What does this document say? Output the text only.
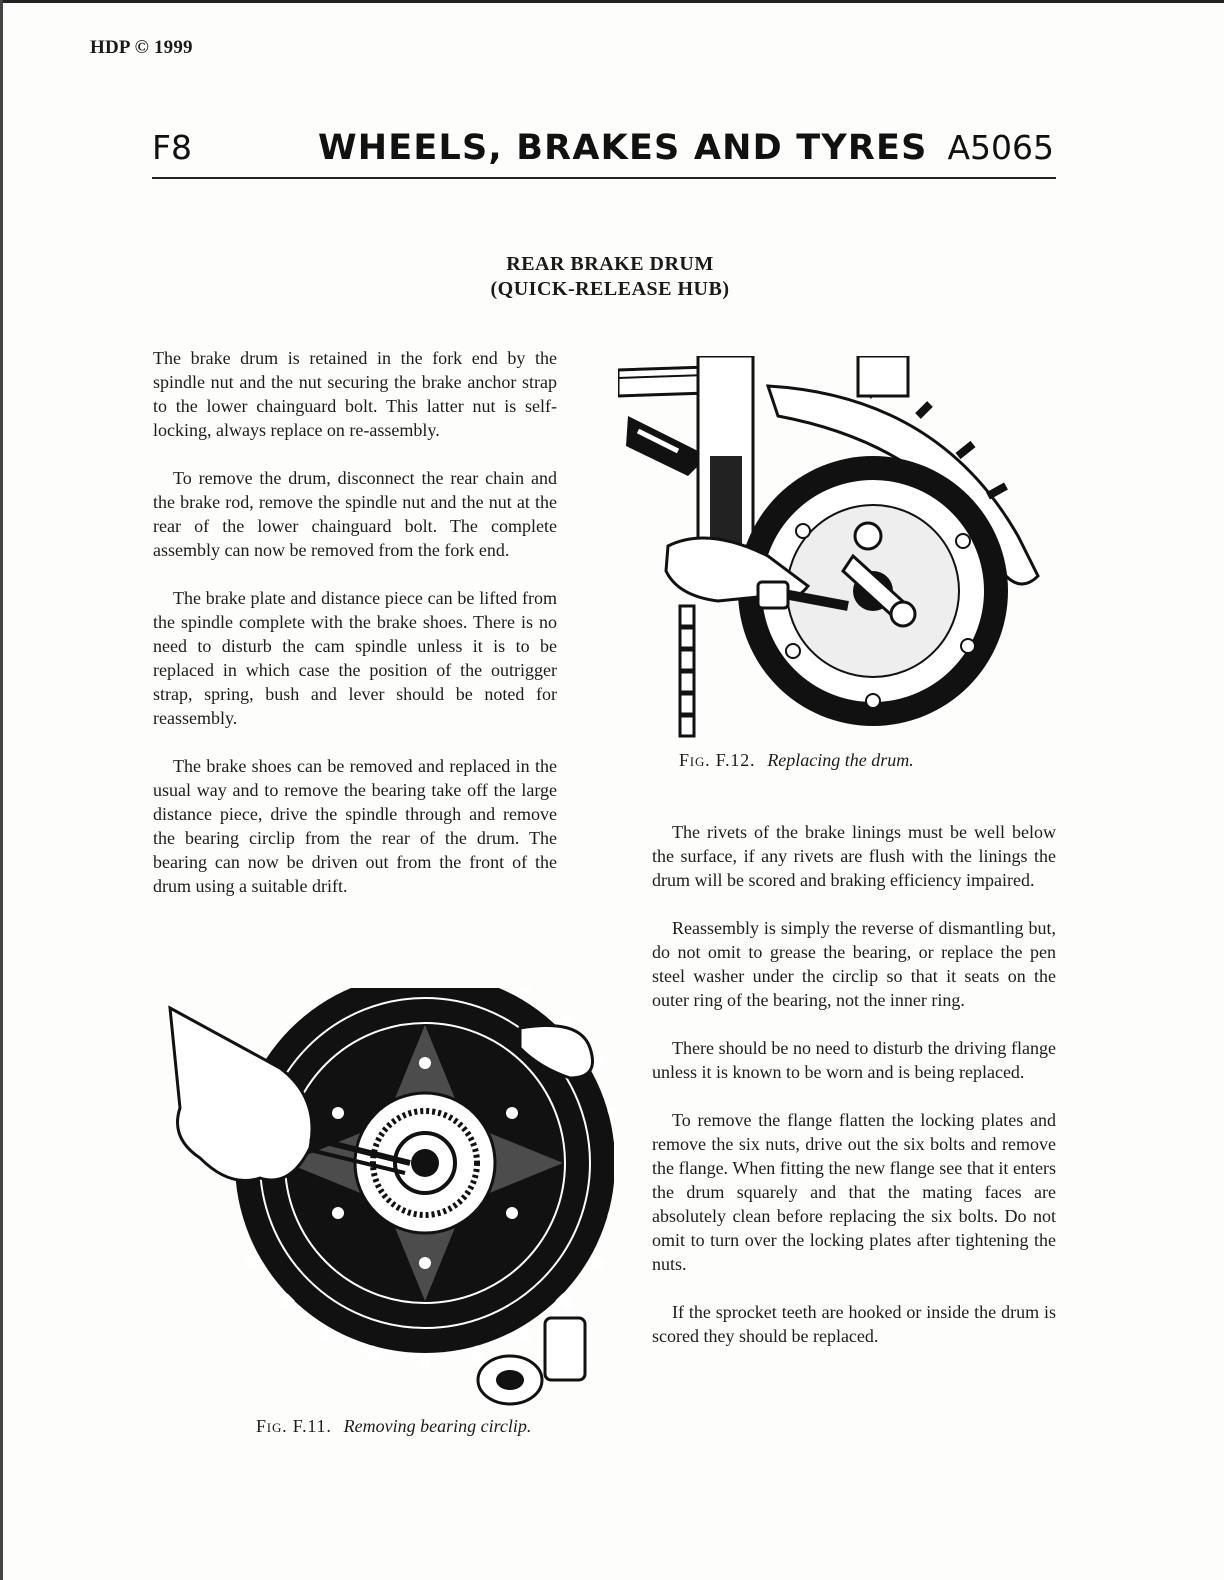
HDP © 1999
F8	WHEELS, BRAKES AND TYRES A5065
REAR BRAKE DRUM
(QUICK-RELEASE HUB)

The brake drum is retained in the fork end by the spindle nut and the nut securing the brake anchor strap to the lower chainguard bolt. This latter nut is self-locking, always replace on re-assembly.

To remove the drum, disconnect the rear chain and the brake rod, remove the spindle nut and the nut at the rear of the lower chainguard bolt. The complete assembly can now be removed from the fork end.

The brake plate and distance piece can be lifted from the spindle complete with the brake shoes. There is no need to disturb the cam spindle unless it is to be replaced in which case the position of the outrigger strap, spring, bush and lever should be noted for reassembly.

The brake shoes can be removed and replaced in the usual way and to remove the bearing take off the large distance piece, drive the spindle through and remove the bearing circlip from the rear of the drum. The bearing can now be driven out from the front of the drum using a suitable drift.

The rivets of the brake linings must be well below the surface, if any rivets are flush with the linings the drum will be scored and braking efficiency impaired.

Reassembly is simply the reverse of dismantling but, do not omit to grease the bearing, or replace the pen steel washer under the circlip so that it seats on the outer ring of the bearing, not the inner ring.

There should be no need to disturb the driving flange unless it is known to be worn and is being replaced.

To remove the flange flatten the locking plates and remove the six nuts, drive out the six bolts and remove the flange. When fitting the new flange see that it enters the drum squarely and that the mating faces are absolutely clean before replacing the six bolts. Do not omit to turn over the locking plates after tightening the nuts.

If the sprocket teeth are hooked or inside the drum is scored they should be replaced.

Fig. F.12. Replacing the drum.
Fig. F.11. Removing bearing circlip.
